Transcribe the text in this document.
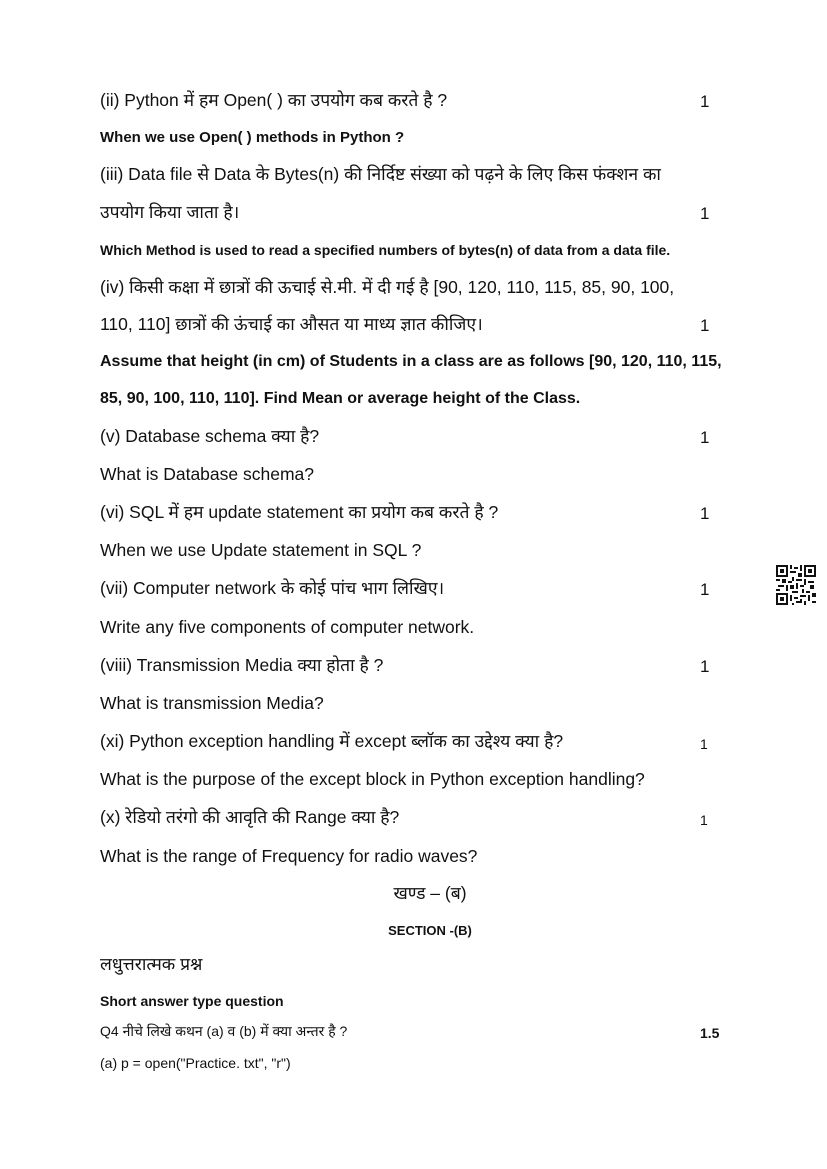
(ii) Python में हम Open( ) का उपयोग कब करते है ?	1
When we use Open( ) methods in Python ?
(iii) Data file से Data के Bytes(n) की निर्दिष्ट संख्या को पढ़ने के लिए किस फंक्शन का
उपयोग किया जाता है।	1
Which Method is used to read a specified numbers of bytes(n) of data from a data file.
(iv) किसी कक्षा में छात्रों की ऊचाई से.मी. में दी गई है [90, 120, 110, 115, 85, 90, 100,
110, 110] छात्रों की ऊंचाई का औसत या माध्य ज्ञात कीजिए।	1
Assume that height (in cm) of Students in a class are as follows [90, 120, 110, 115,
85, 90, 100, 110, 110]. Find Mean or average height of the Class.
(v) Database schema क्या है?	1
What is Database schema?
(vi) SQL में हम update statement का प्रयोग कब करते है ?	1
When we use Update statement in SQL ?
(vii) Computer network के कोई पांच भाग लिखिए।	1
Write any five components of computer network.
(viii) Transmission Media क्या होता है ?	1
What is transmission Media?
(xi) Python exception handling में except ब्लॉक का उद्देश्य क्या है?	1
What is the purpose of the except block in Python exception handling?
(x) रेडियो तरंगो की आवृति की Range क्या है?	1
What is the range of Frequency for radio waves?
खण्ड – (ब)
SECTION -(B)
लधुत्तरात्मक प्रश्न
Short answer type question
Q4 नीचे लिखे कथन (a) व (b) में क्या अन्तर है ?	1.5
(a) p = open("Practice. txt", "r")
